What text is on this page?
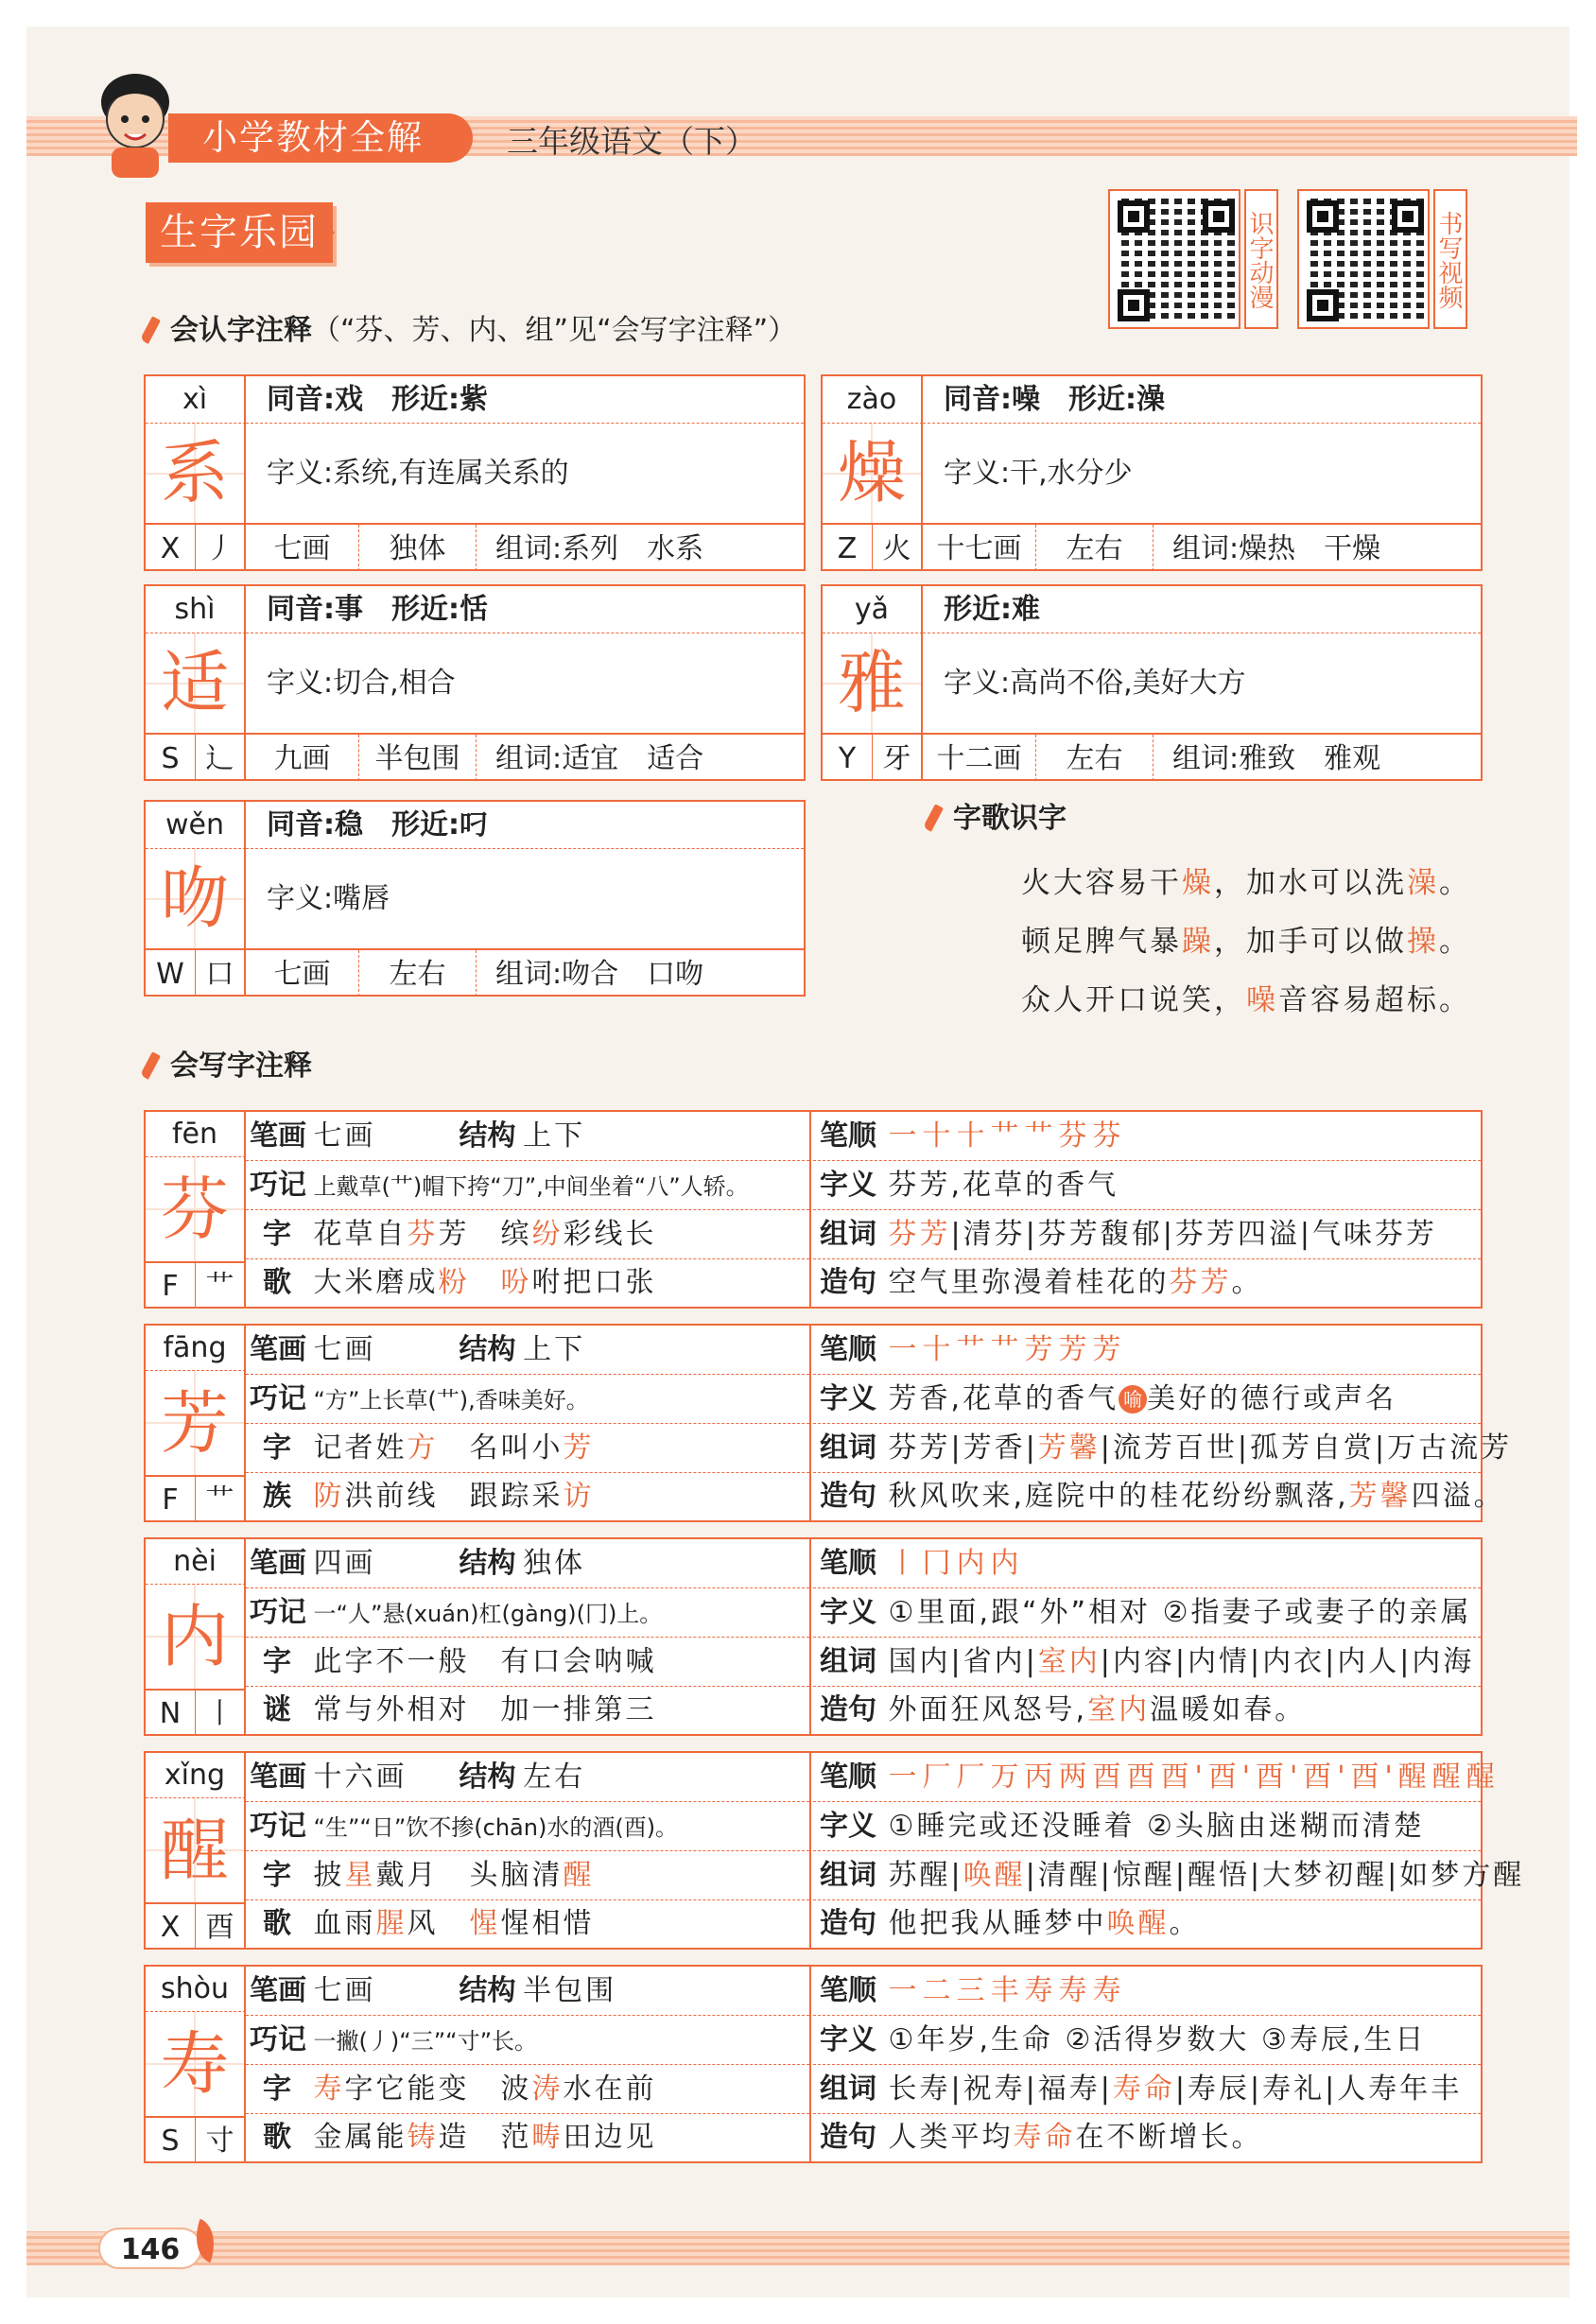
小学教材全解	三年级语文（下）
生字乐园	识字动漫	书写视频
会认字注释（“芬、芳、内、组”见“会写字注释”）
xì
系
X 丿
同音:戏　形近:紫
字义:系统,有连属关系的
七画	独体	组词:系列　水系
zào
燥
Z 火
同音:噪　形近:澡
字义:干,水分少
十七画	左右	组词:燥热　干燥
shì
适
S 辶
同音:事　形近:恬
字义:切合,相合
九画	半包围	组词:适宜　适合
yǎ
雅
Y 牙
形近:难
字义:高尚不俗,美好大方
十二画	左右	组词:雅致　雅观
wěn
吻
W 口
同音:稳　形近:叼
字义:嘴唇
七画	左右	组词:吻合　口吻
字歌识字
火大容易干燥，加水可以洗澡。
顿足脾气暴躁，加手可以做操。
众人开口说笑，噪音容易超标。
会写字注释
fēn
芬
F 艹
笔画 七画	结构 上下
巧记 上戴草(艹)帽下挎“刀”,中间坐着“八”人轿。
字 花草自芬芳　缤纷彩线长
歌 大米磨成粉　 吩咐把口张
笔顺 一十十艹艹芬芬
字义 芬芳,花草的香气
组词 芬芳|清芬|芬芳馥郁|芬芳四溢|气味芬芳
造句 空气里弥漫着桂花的芬芳。
fāng
芳
F 艹
笔画 七画	结构 上下
巧记 “方”上长草(艹),香味美好。
字 记者姓方　名叫小芳
族 防洪前线　跟踪采访
笔顺 一十艹艹芳芳芳
字义 芳香,花草的香气 喻 美好的德行或声名
组词 芬芳|芳香|芳馨|流芳百世|孤芳自赏|万古流芳
造句 秋风吹来,庭院中的桂花纷纷飘落,芳馨四溢。
nèi
内
N 丨
笔画 四画	结构 独体
巧记 一“人”悬(xuán)杠(gàng)(冂)上。
字 此字不一般　有口会呐喊
谜 常与外相对　加一排第三
笔顺 丨冂内内
字义 ①里面,跟“外”相对 ②指妻子或妻子的亲属
组词 国内|省内|室内|内容|内情|内衣|内人|内海
造句 外面狂风怒号,室内温暖如春。
xǐng
醒
X 酉
笔画 十六画 结构 左右
巧记 “生”“日”饮不掺(chān)水的酒(酉)。
字 披星戴月　头脑清醒
歌 血雨腥风　惺惺相惜
笔顺 一厂厂万丙两酉酉酉'酉'酉'酉'酉'醒醒醒
字义 ①睡完或还没睡着 ②头脑由迷糊而清楚
组词 苏醒|唤醒|清醒|惊醒|醒悟|大梦初醒|如梦方醒
造句 他把我从睡梦中唤醒。
shòu
寿
S 寸
笔画 七画	结构 半包围
巧记 一撇(丿)“三”“寸”长。
字 寿字它能变　波涛水在前
歌 金属能铸造　范畴田边见
笔顺 一二三丰寿寿寿
字义 ①年岁,生命 ②活得岁数大 ③寿辰,生日
组词 长寿|祝寿|福寿|寿命|寿辰|寿礼|人寿年丰
造句 人类平均寿命在不断增长。
146
